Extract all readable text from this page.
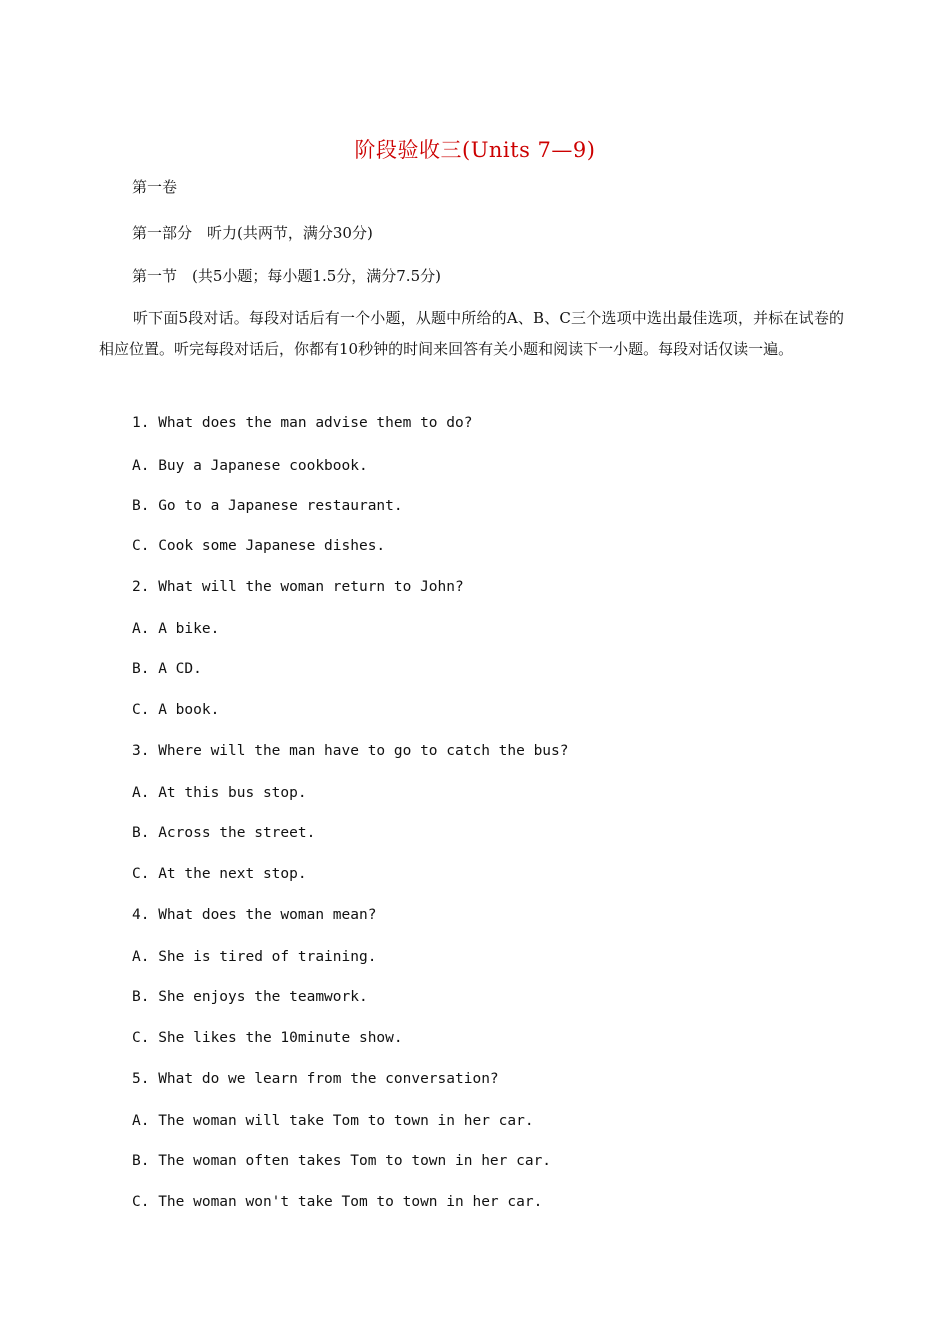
阶段验收三(Units 7—9)
第一卷
第一部分　听力(共两节，满分30分)
第一节　(共5小题；每小题1.5分，满分7.5分)
听下面5段对话。每段对话后有一个小题，从题中所给的A、B、C三个选项中选出最佳选项，并标在试卷的相应位置。听完每段对话后，你都有10秒钟的时间来回答有关小题和阅读下一小题。每段对话仅读一遍。
1. What does the man advise them to do?
A. Buy a Japanese cookbook.
B. Go to a Japanese restaurant.
C. Cook some Japanese dishes.
2. What will the woman return to John?
A. A bike.
B. A CD.
C. A book.
3. Where will the man have to go to catch the bus?
A. At this bus stop.
B. Across the street.
C. At the next stop.
4. What does the woman mean?
A. She is tired of training.
B. She enjoys the teamwork.
C. She likes the 10minute show.
5. What do we learn from the conversation?
A. The woman will take Tom to town in her car.
B. The woman often takes Tom to town in her car.
C. The woman won't take Tom to town in her car.
